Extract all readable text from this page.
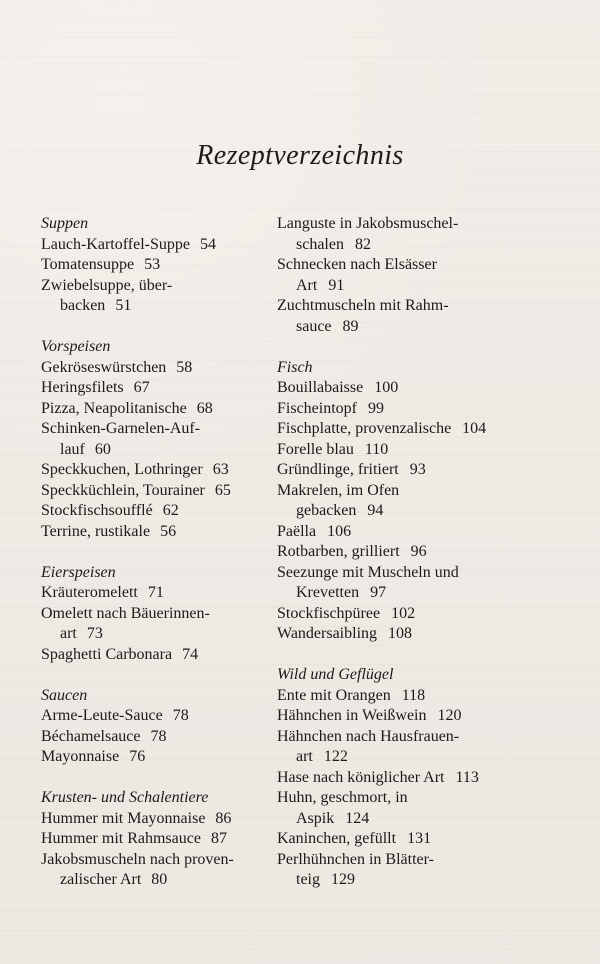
Rezeptverzeichnis
Suppen
Lauch-Kartoffel-Suppe 54
Tomatensuppe 53
Zwiebelsuppe, über-
backen 51
Vorspeisen
Gekröseswürstchen 58
Heringsfilets 67
Pizza, Neapolitanische 68
Schinken-Garnelen-Auf-
lauf 60
Speckkuchen, Lothringer 63
Speckküchlein, Tourainer 65
Stockfischsoufflé 62
Terrine, rustikale 56
Eierspeisen
Kräuteromelett 71
Omelett nach Bäuerinnen-
art 73
Spaghetti Carbonara 74
Saucen
Arme-Leute-Sauce 78
Béchamelsauce 78
Mayonnaise 76
Krusten- und Schalentiere
Hummer mit Mayonnaise 86
Hummer mit Rahmsauce 87
Jakobsmuscheln nach proven-
zalischer Art 80
Languste in Jakobsmuschel-
schalen 82
Schnecken nach Elsässer
Art 91
Zuchtmuscheln mit Rahm-
sauce 89
Fisch
Bouillabaisse 100
Fischeintopf 99
Fischplatte, provenzalische 104
Forelle blau 110
Gründlinge, fritiert 93
Makrelen, im Ofen
gebacken 94
Paëlla 106
Rotbarben, grilliert 96
Seezunge mit Muscheln und
Krevetten 97
Stockfischpüree 102
Wandersaibling 108
Wild und Geflügel
Ente mit Orangen 118
Hähnchen in Weißwein 120
Hähnchen nach Hausfrauen-
art 122
Hase nach königlicher Art 113
Huhn, geschmort, in
Aspik 124
Kaninchen, gefüllt 131
Perlhühnchen in Blätter-
teig 129
